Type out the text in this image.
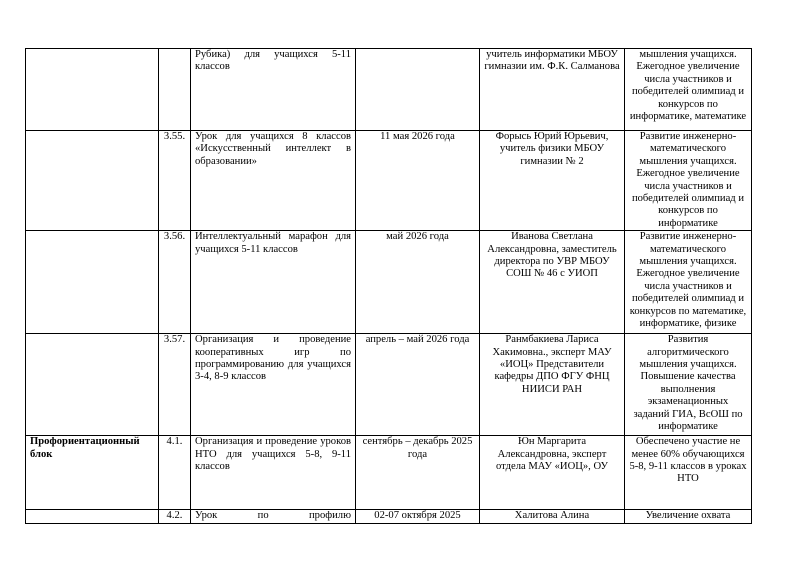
		Рубика) для учащихся 5-11 классов		учитель информатики МБОУ гимназии им. Ф.К. Салманова	мышления учащихся. Ежегодное увеличение числа участников и победителей олимпиад и конкурсов по информатике, математике
	3.55.	Урок для учащихся 8 классов «Искусственный интеллект в образовании»	11 мая 2026 года	Форысь Юрий Юрьевич, учитель физики МБОУ гимназии № 2	Развитие инженерно-математического мышления учащихся. Ежегодное увеличение числа участников и победителей олимпиад и конкурсов по информатике
	3.56.	Интеллектуальный марафон для учащихся 5-11 классов	май 2026 года	Иванова Светлана Александровна, заместитель директора по УВР МБОУ СОШ № 46 с УИОП	Развитие инженерно-математического мышления учащихся. Ежегодное увеличение числа участников и победителей олимпиад и конкурсов по математике, информатике, физике
	3.57.	Организация и проведение кооперативных игр по программированию для учащихся 3-4, 8-9 классов	апрель – май 2026 года	Ранмбакиева Лариса Хакимовна., эксперт МАУ «ИОЦ» Представители кафедры ДПО ФГУ ФНЦ НИИСИ РАН	Развития алгоритмического мышления учащихся. Повышение качества выполнения экзаменационных заданий ГИА, ВсОШ по информатике
Профориентационный блок	4.1.	Организация и проведение уроков НТО для учащихся 5-8, 9-11 классов	сентябрь – декабрь 2025 года	Юн Маргарита Александровна, эксперт отдела МАУ «ИОЦ», ОУ	Обеспечено участие не менее 60% обучающихся 5-8, 9-11 классов в уроках НТО
	4.2.	Урок по профилю	02-07 октября 2025	Халитова Алина	Увеличение охвата
